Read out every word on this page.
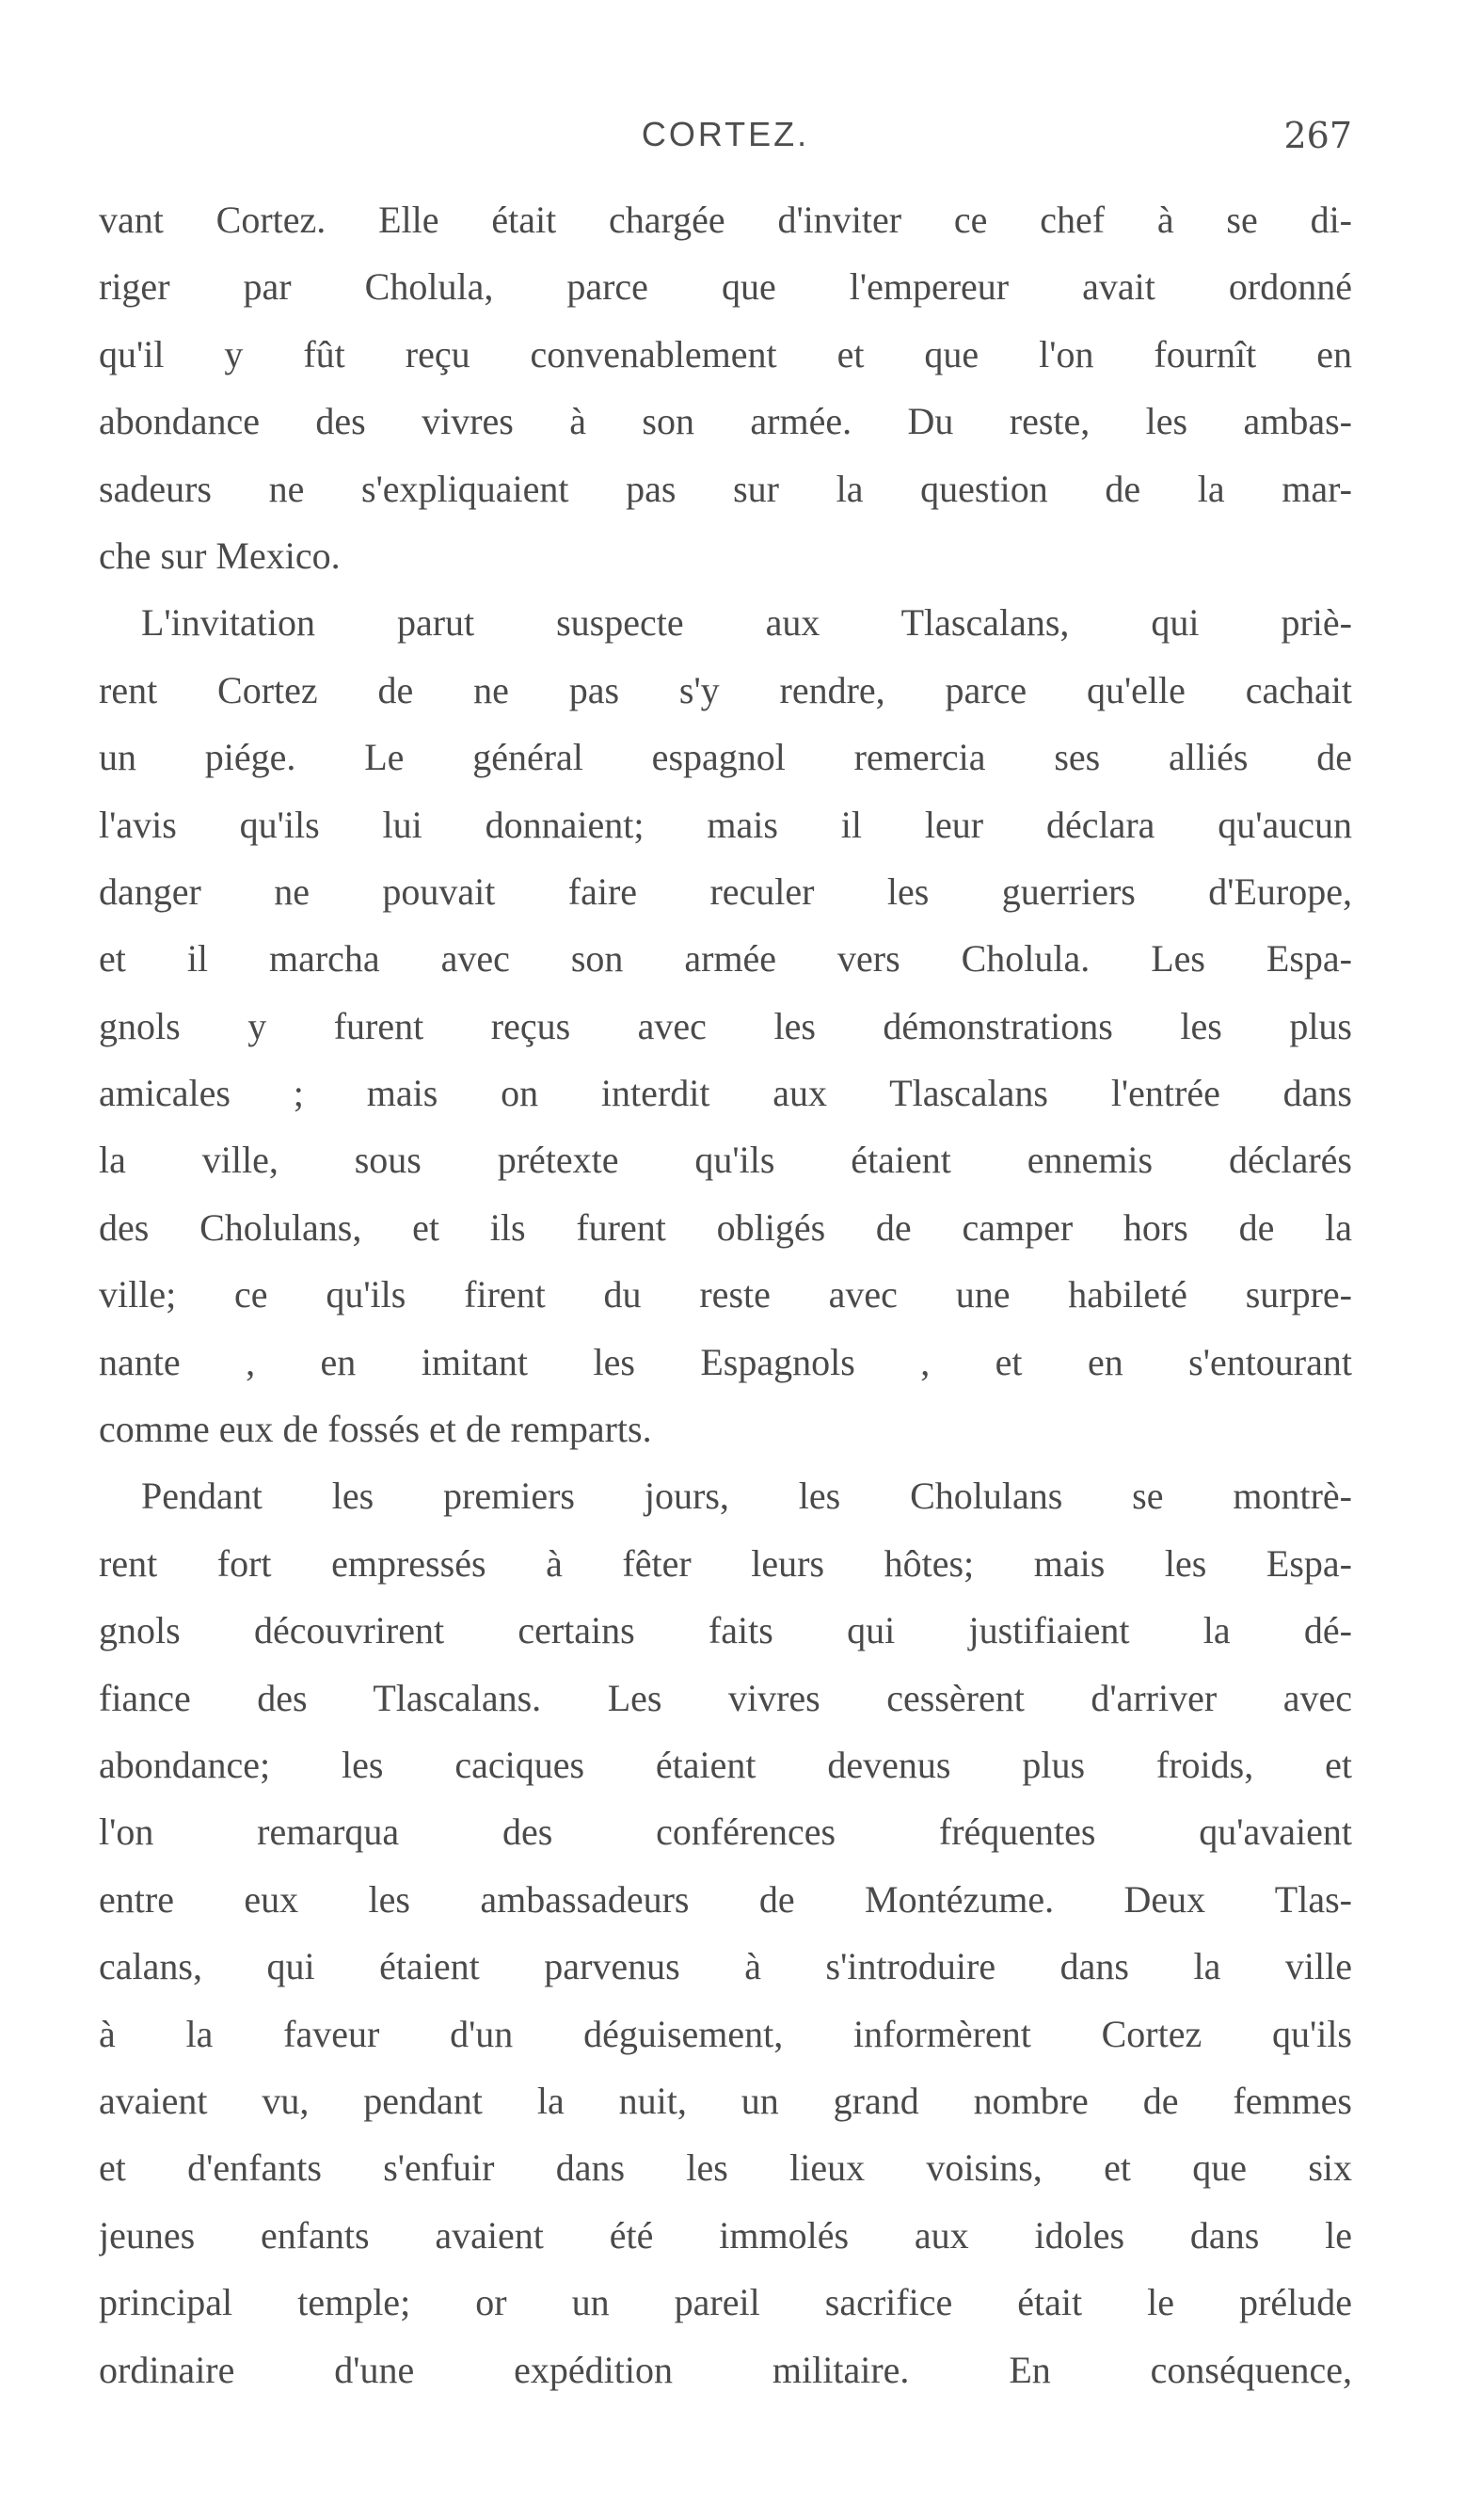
CORTEZ.	267
vant Cortez. Elle était chargée d'inviter ce chef à se di-
riger par Cholula, parce que l'empereur avait ordonné
qu'il y fût reçu convenablement et que l'on fournît en
abondance des vivres à son armée. Du reste, les ambas-
sadeurs ne s'expliquaient pas sur la question de la mar-
che sur Mexico.
L'invitation parut suspecte aux Tlascalans, qui priè-
rent Cortez de ne pas s'y rendre, parce qu'elle cachait
un piége. Le général espagnol remercia ses alliés de
l'avis qu'ils lui donnaient; mais il leur déclara qu'aucun
danger ne pouvait faire reculer les guerriers d'Europe,
et il marcha avec son armée vers Cholula. Les Espa-
gnols y furent reçus avec les démonstrations les plus
amicales ; mais on interdit aux Tlascalans l'entrée dans
la ville, sous prétexte qu'ils étaient ennemis déclarés
des Cholulans, et ils furent obligés de camper hors de la
ville; ce qu'ils firent du reste avec une habileté surpre-
nante , en imitant les Espagnols , et en s'entourant
comme eux de fossés et de remparts.
Pendant les premiers jours, les Cholulans se montrè-
rent fort empressés à fêter leurs hôtes; mais les Espa-
gnols découvrirent certains faits qui justifiaient la dé-
fiance des Tlascalans. Les vivres cessèrent d'arriver avec
abondance; les caciques étaient devenus plus froids, et
l'on remarqua des conférences fréquentes qu'avaient
entre eux les ambassadeurs de Montézume. Deux Tlas-
calans, qui étaient parvenus à s'introduire dans la ville
à la faveur d'un déguisement, informèrent Cortez qu'ils
avaient vu, pendant la nuit, un grand nombre de femmes
et d'enfants s'enfuir dans les lieux voisins, et que six
jeunes enfants avaient été immolés aux idoles dans le
principal temple; or un pareil sacrifice était le prélude
ordinaire d'une expédition militaire. En conséquence,
